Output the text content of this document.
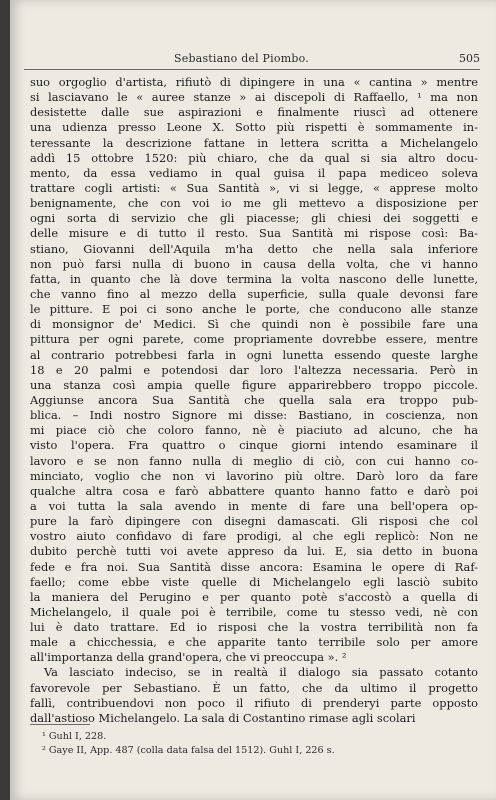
Sebastiano del Piombo.	505
suo orgoglio d'artista, rifiutò di dipingere in una « cantina » mentre
si lasciavano le « auree stanze » ai discepoli di Raffaello, ¹ ma non
desistette dalle sue aspirazioni e finalmente riuscì ad ottenere
una udienza presso Leone X. Sotto più rispetti è sommamente in-
teressante la descrizione fattane in lettera scritta a Michelangelo
addì 15 ottobre 1520: più chiaro, che da qual si sia altro docu-
mento, da essa vediamo in qual guisa il papa mediceo soleva
trattare cogli artisti: « Sua Santità », vi si legge, « apprese molto
benignamente, che con voi io me gli mettevo a disposizione per
ogni sorta di servizio che gli piacesse; gli chiesi dei soggetti e
delle misure e di tutto il resto. Sua Santità mi rispose così: Ba-
stiano, Giovanni dell'Aquila m'ha detto che nella sala inferiore
non può farsi nulla di buono in causa della volta, che vi hanno
fatta, in quanto che là dove termina la volta nascono delle lunette,
che vanno fino al mezzo della superficie, sulla quale devonsi fare
le pitture. E poi ci sono anche le porte, che conducono alle stanze
di monsignor de' Medici. Sì che quindi non è possibile fare una
pittura per ogni parete, come propriamente dovrebbe essere, mentre
al contrario potrebbesi farla in ogni lunetta essendo queste larghe
18 e 20 palmi e potendosi dar loro l'altezza necessaria. Però in
una stanza così ampia quelle figure apparirebbero troppo piccole.
Aggiunse ancora Sua Santità che quella sala era troppo pub-
blica. – Indi nostro Signore mi disse: Bastiano, in coscienza, non
mi piace ciò che coloro fanno, nè è piaciuto ad alcuno, che ha
visto l'opera. Fra quattro o cinque giorni intendo esaminare il
lavoro e se non fanno nulla di meglio di ciò, con cui hanno co-
minciato, voglio che non vi lavorino più oltre. Darò loro da fare
qualche altra cosa e farò abbattere quanto hanno fatto e darò poi
a voi tutta la sala avendo in mente di fare una bell'opera op-
pure la farò dipingere con disegni damascati. Gli risposi che col
vostro aiuto confidavo di fare prodigi, al che egli replicò: Non ne
dubito perchè tutti voi avete appreso da lui. E, sia detto in buona
fede e fra noi. Sua Santità disse ancora: Esamina le opere di Raf-
faello; come ebbe viste quelle di Michelangelo egli lasciò subito
la maniera del Perugino e per quanto potè s'accostò a quella di
Michelangelo, il quale poi è terribile, come tu stesso vedi, nè con
lui è dato trattare. Ed io risposi che la vostra terribilità non fa
male a chicchessia, e che apparite tanto terribile solo per amore
all'importanza della grand'opera, che vi preoccupa ». ²
Va lasciato indeciso, se in realtà il dialogo sia passato cotanto
favorevole per Sebastiano. È un fatto, che da ultimo il progetto
fallì, contribuendovi non poco il rifiuto di prenderyi parte opposto
dall'astioso Michelangelo. La sala di Costantino rimase agli scolari
¹ Guhl I, 228.
² Gaye II, App. 487 (colla data falsa del 1512). Guhl I, 226 s.
